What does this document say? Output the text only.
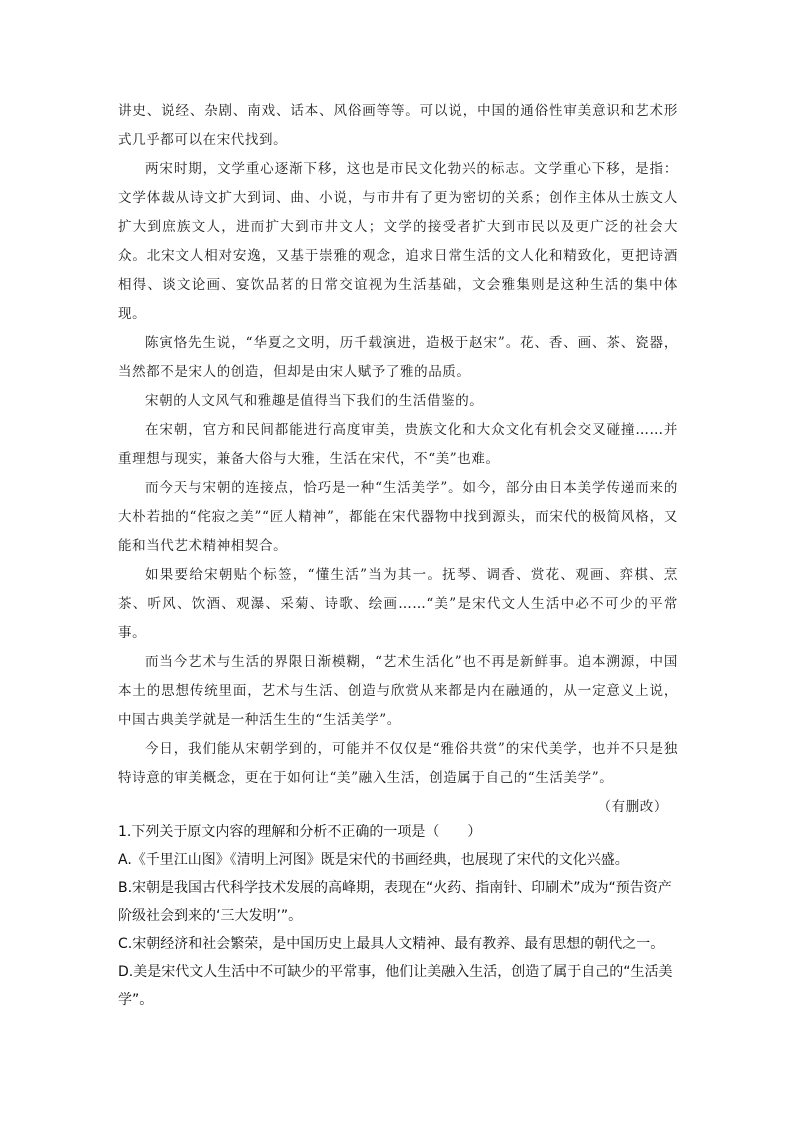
讲史、说经、杂剧、南戏、话本、风俗画等等。可以说，中国的通俗性审美意识和艺术形式几乎都可以在宋代找到。

两宋时期，文学重心逐渐下移，这也是市民文化勃兴的标志。文学重心下移，是指：文学体裁从诗文扩大到词、曲、小说，与市井有了更为密切的关系；创作主体从士族文人扩大到庶族文人，进而扩大到市井文人；文学的接受者扩大到市民以及更广泛的社会大众。北宋文人相对安逸，又基于崇雅的观念，追求日常生活的文人化和精致化，更把诗酒相得、谈文论画、宴饮品茗的日常交谊视为生活基础，文会雅集则是这种生活的集中体现。

陈寅恪先生说，“华夏之文明，历千载演进，造极于赵宋”。花、香、画、茶、瓷器，当然都不是宋人的创造，但却是由宋人赋予了雅的品质。

宋朝的人文风气和雅趣是值得当下我们的生活借鉴的。

在宋朝，官方和民间都能进行高度审美，贵族文化和大众文化有机会交叉碰撞……并重理想与现实，兼备大俗与大雅，生活在宋代，不“美”也难。

而今天与宋朝的连接点，恰巧是一种“生活美学”。如今，部分由日本美学传递而来的大朴若拙的“侘寂之美”“匠人精神”，都能在宋代器物中找到源头，而宋代的极简风格，又能和当代艺术精神相契合。

如果要给宋朝贴个标签，“懂生活”当为其一。抚琴、调香、赏花、观画、弈棋、烹茶、听风、饮酒、观瀑、采菊、诗歌、绘画……“美”是宋代文人生活中必不可少的平常事。

而当今艺术与生活的界限日渐模糊，“艺术生活化”也不再是新鲜事。追本溯源，中国本土的思想传统里面，艺术与生活、创造与欣赏从来都是内在融通的，从一定意义上说，中国古典美学就是一种活生生的“生活美学”。

今日，我们能从宋朝学到的，可能并不仅仅是“雅俗共赏”的宋代美学，也并不只是独特诗意的审美概念，更在于如何让“美”融入生活，创造属于自己的“生活美学”。

（有删改）

1.下列关于原文内容的理解和分析不正确的一项是（　　）

A.《千里江山图》《清明上河图》既是宋代的书画经典，也展现了宋代的文化兴盛。

B.宋朝是我国古代科学技术发展的高峰期，表现在“火药、指南针、印刷术”成为“预告资产阶级社会到来的‘三大发明’”。

C.宋朝经济和社会繁荣，是中国历史上最具人文精神、最有教养、最有思想的朝代之一。

D.美是宋代文人生活中不可缺少的平常事，他们让美融入生活，创造了属于自己的“生活美学”。
